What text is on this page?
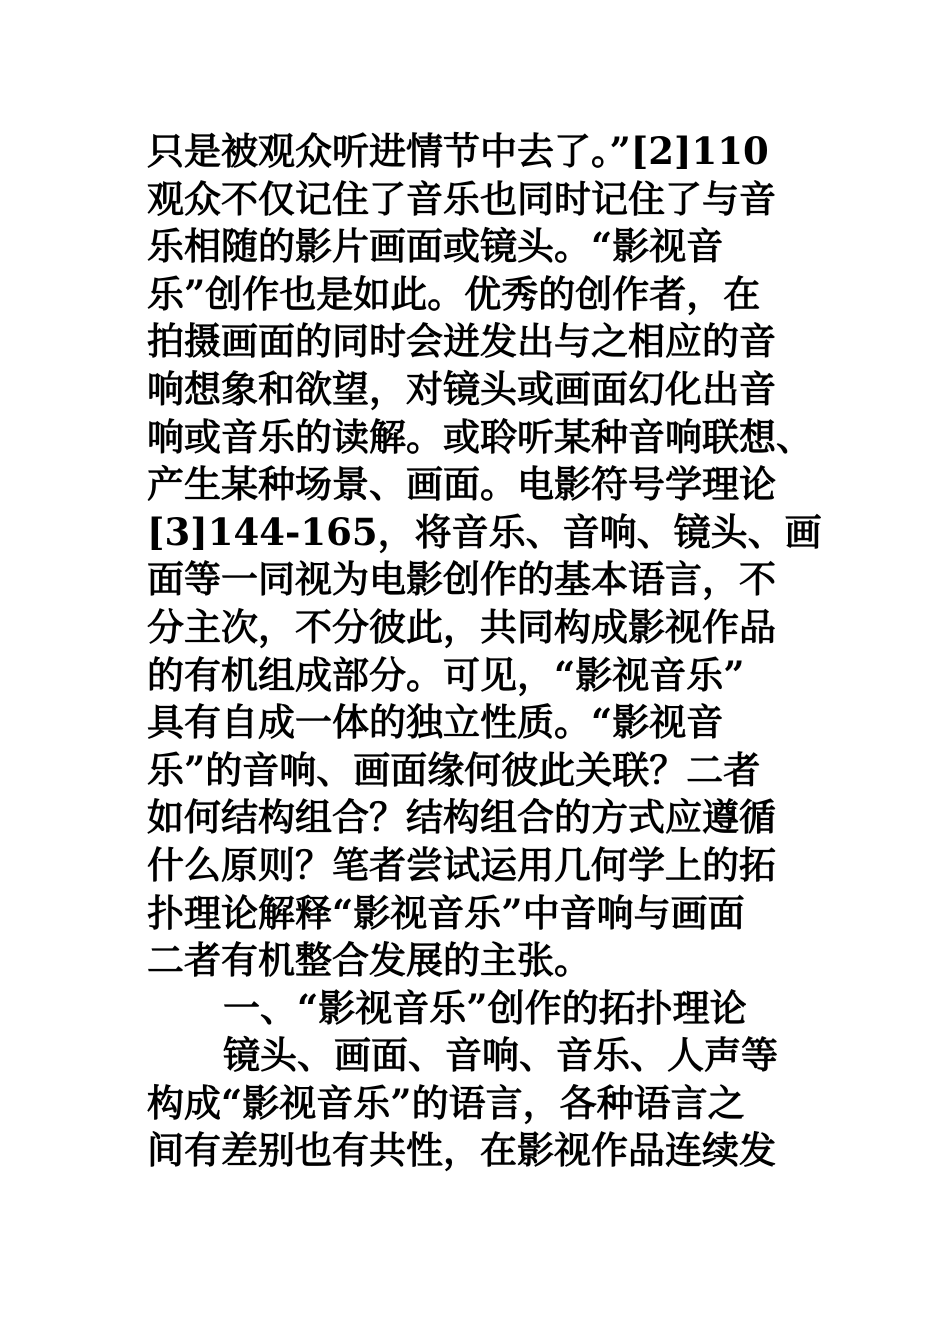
只是被观众听进情节中去了。”[2]110
观众不仅记住了音乐也同时记住了与音
乐相随的影片画面或镜头。“影视音
乐”创作也是如此。优秀的创作者，在
拍摄画面的同时会迸发出与之相应的音
响想象和欲望，对镜头或画面幻化出音
响或音乐的读解。或聆听某种音响联想、
产生某种场景、画面。电影符号学理论
[3]144-165，将音乐、音响、镜头、画
面等一同视为电影创作的基本语言，不
分主次，不分彼此，共同构成影视作品
的有机组成部分。可见，“影视音乐”
具有自成一体的独立性质。“影视音
乐”的音响、画面缘何彼此关联？二者
如何结构组合？结构组合的方式应遵循
什么原则？笔者尝试运用几何学上的拓
扑理论解释“影视音乐”中音响与画面
二者有机整合发展的主张。
一、“影视音乐”创作的拓扑理论
镜头、画面、音响、音乐、人声等
构成“影视音乐”的语言，各种语言之
间有差别也有共性，在影视作品连续发
